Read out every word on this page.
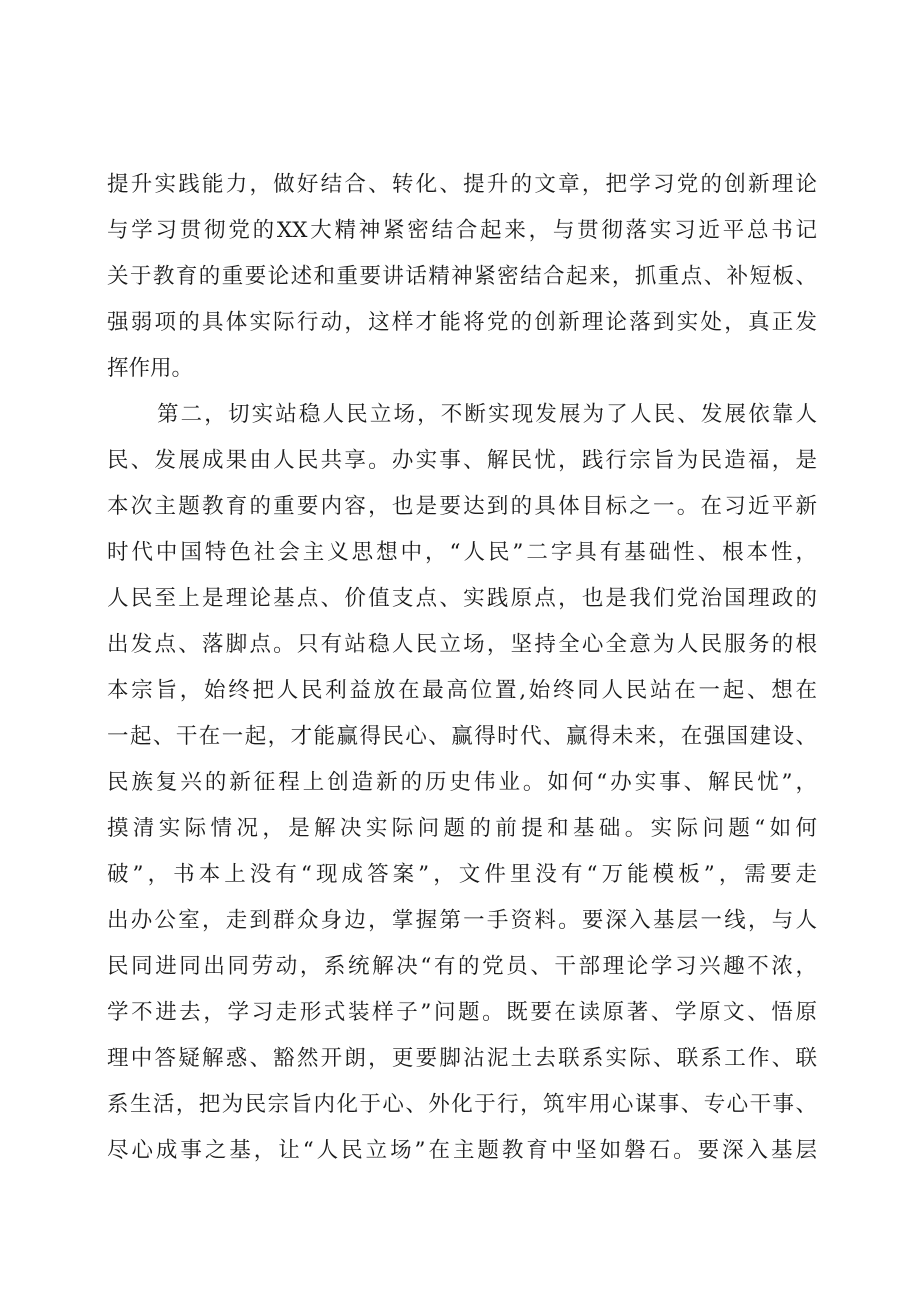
提升实践能力，做好结合、转化、提升的文章，把学习党的创新理论
与学习贯彻党的XX大精神紧密结合起来，与贯彻落实习近平总书记
关于教育的重要论述和重要讲话精神紧密结合起来，抓重点、补短板、
强弱项的具体实际行动，这样才能将党的创新理论落到实处，真正发
挥作用。
第二，切实站稳人民立场，不断实现发展为了人民、发展依靠人
民、发展成果由人民共享。办实事、解民忧，践行宗旨为民造福，是
本次主题教育的重要内容，也是要达到的具体目标之一。在习近平新
时代中国特色社会主义思想中，“人民”二字具有基础性、根本性，
人民至上是理论基点、价值支点、实践原点，也是我们党治国理政的
出发点、落脚点。只有站稳人民立场，坚持全心全意为人民服务的根
本宗旨，始终把人民利益放在最高位置,始终同人民站在一起、想在
一起、干在一起，才能赢得民心、赢得时代、赢得未来，在强国建设、
民族复兴的新征程上创造新的历史伟业。如何“办实事、解民忧”，
摸清实际情况，是解决实际问题的前提和基础。实际问题“如何
破”，书本上没有“现成答案”，文件里没有“万能模板”，需要走
出办公室，走到群众身边，掌握第一手资料。要深入基层一线，与人
民同进同出同劳动，系统解决“有的党员、干部理论学习兴趣不浓，
学不进去，学习走形式装样子”问题。既要在读原著、学原文、悟原
理中答疑解惑、豁然开朗，更要脚沾泥土去联系实际、联系工作、联
系生活，把为民宗旨内化于心、外化于行，筑牢用心谋事、专心干事、
尽心成事之基，让“人民立场”在主题教育中坚如磐石。要深入基层
